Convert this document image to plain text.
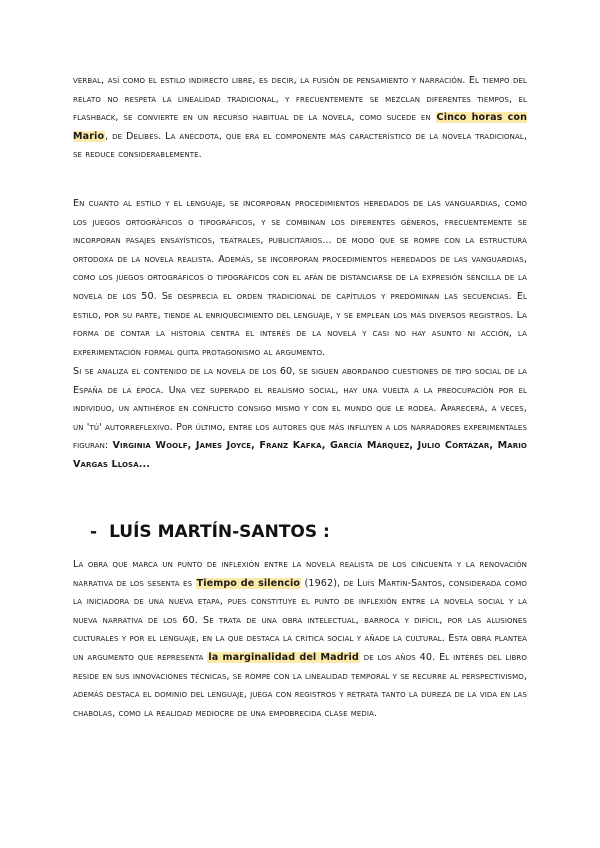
verbal, así como el estilo indirecto libre, es decir, la fusión de pensamiento y narración. El tiempo del relato no respeta la linealidad tradicional, y frecuentemente se mezclan diferentes tiempos, el flashback, se convierte en un recurso habitual de la novela, como sucede en Cinco horas con Mario, de Delibes. La anécdota, que era el componente más característico de la novela tradicional, se reduce considerablemente.

En cuanto al estilo y el lenguaje, se incorporan procedimientos heredados de las vanguardias, como los juegos ortográficos o tipográficos, y se combinan los diferentes géneros, frecuentemente se incorporan pasajes ensayísticos, teatrales, publicitarios... de modo que se rompe con la estructura ortodoxa de la novela realista. Además, se incorporan procedimientos heredados de las vanguardias, como los juegos ortográficos o tipográficos con el afán de distanciarse de la expresión sencilla de la novela de los 50. Se desprecia el orden tradicional de capítulos y predominan las secuencias. El estilo, por su parte, tiende al enriquecimiento del lenguaje, y se emplean los más diversos registros. La forma de contar la historia centra el interés de la novela y casi no hay asunto ni acción, la experimentación formal quita protagonismo al argumento.

Si se analiza el contenido de la novela de los 60, se siguen abordando cuestiones de tipo social de la España de la época. Una vez superado el realismo social, hay una vuelta a la preocupación por el individuo, un antihéroe en conflicto consigo mismo y con el mundo que le rodea. Aparecerá, a veces, un 'tú' autorreflexivo. Por último, entre los autores que más influyen a los narradores experimentales figuran: Virginia Woolf, James Joyce, Franz Kafka, García Márquez, Julio Cortázar, Mario Vargas Llosa...

- LUÍS MARTÍN-SANTOS :

La obra que marca un punto de inflexión entre la novela realista de los cincuenta y la renovación narrativa de los sesenta es Tiempo de silencio (1962), de Luís Martín-Santos, considerada como la iniciadora de una nueva etapa, pues constituye el punto de inflexión entre la novela social y la nueva narrativa de los 60. Se trata de una obra intelectual, barroca y difícil, por las alusiones culturales y por el lenguaje, en la que destaca la crítica social y añade la cultural. Esta obra plantea un argumento que representa la marginalidad del Madrid de los años 40. El interés del libro reside en sus innovaciones técnicas, se rompe con la linealidad temporal y se recurre al perspectivismo, además destaca el dominio del lenguaje, juega con registros y retrata tanto la dureza de la vida en las chabolas, como la realidad mediocre de una empobrecida clase media.
